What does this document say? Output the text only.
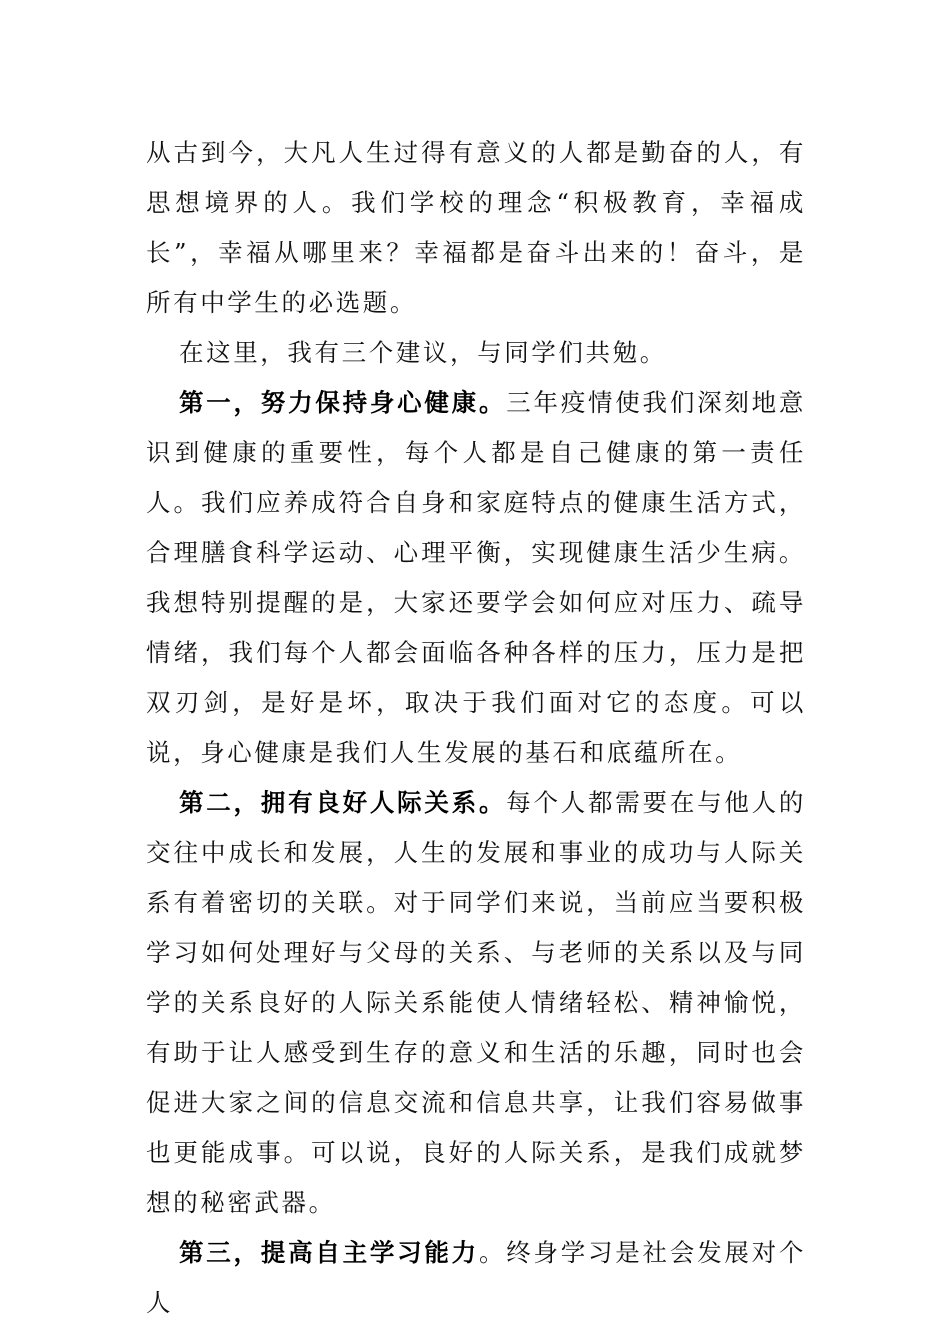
从古到今，大凡人生过得有意义的人都是勤奋的人，有思想境界的人。我们学校的理念“积极教育，幸福成长”，幸福从哪里来？幸福都是奋斗出来的！奋斗，是所有中学生的必选题。

在这里，我有三个建议，与同学们共勉。

第一，努力保持身心健康。三年疫情使我们深刻地意识到健康的重要性，每个人都是自己健康的第一责任人。我们应养成符合自身和家庭特点的健康生活方式，合理膳食科学运动、心理平衡，实现健康生活少生病。我想特别提醒的是，大家还要学会如何应对压力、疏导情绪，我们每个人都会面临各种各样的压力，压力是把双刃剑，是好是坏，取决于我们面对它的态度。可以说，身心健康是我们人生发展的基石和底蕴所在。

第二，拥有良好人际关系。每个人都需要在与他人的交往中成长和发展，人生的发展和事业的成功与人际关系有着密切的关联。对于同学们来说，当前应当要积极学习如何处理好与父母的关系、与老师的关系以及与同学的关系良好的人际关系能使人情绪轻松、精神愉悦，有助于让人感受到生存的意义和生活的乐趣，同时也会促进大家之间的信息交流和信息共享，让我们容易做事也更能成事。可以说，良好的人际关系，是我们成就梦想的秘密武器。

第三，提高自主学习能力。终身学习是社会发展对个人
